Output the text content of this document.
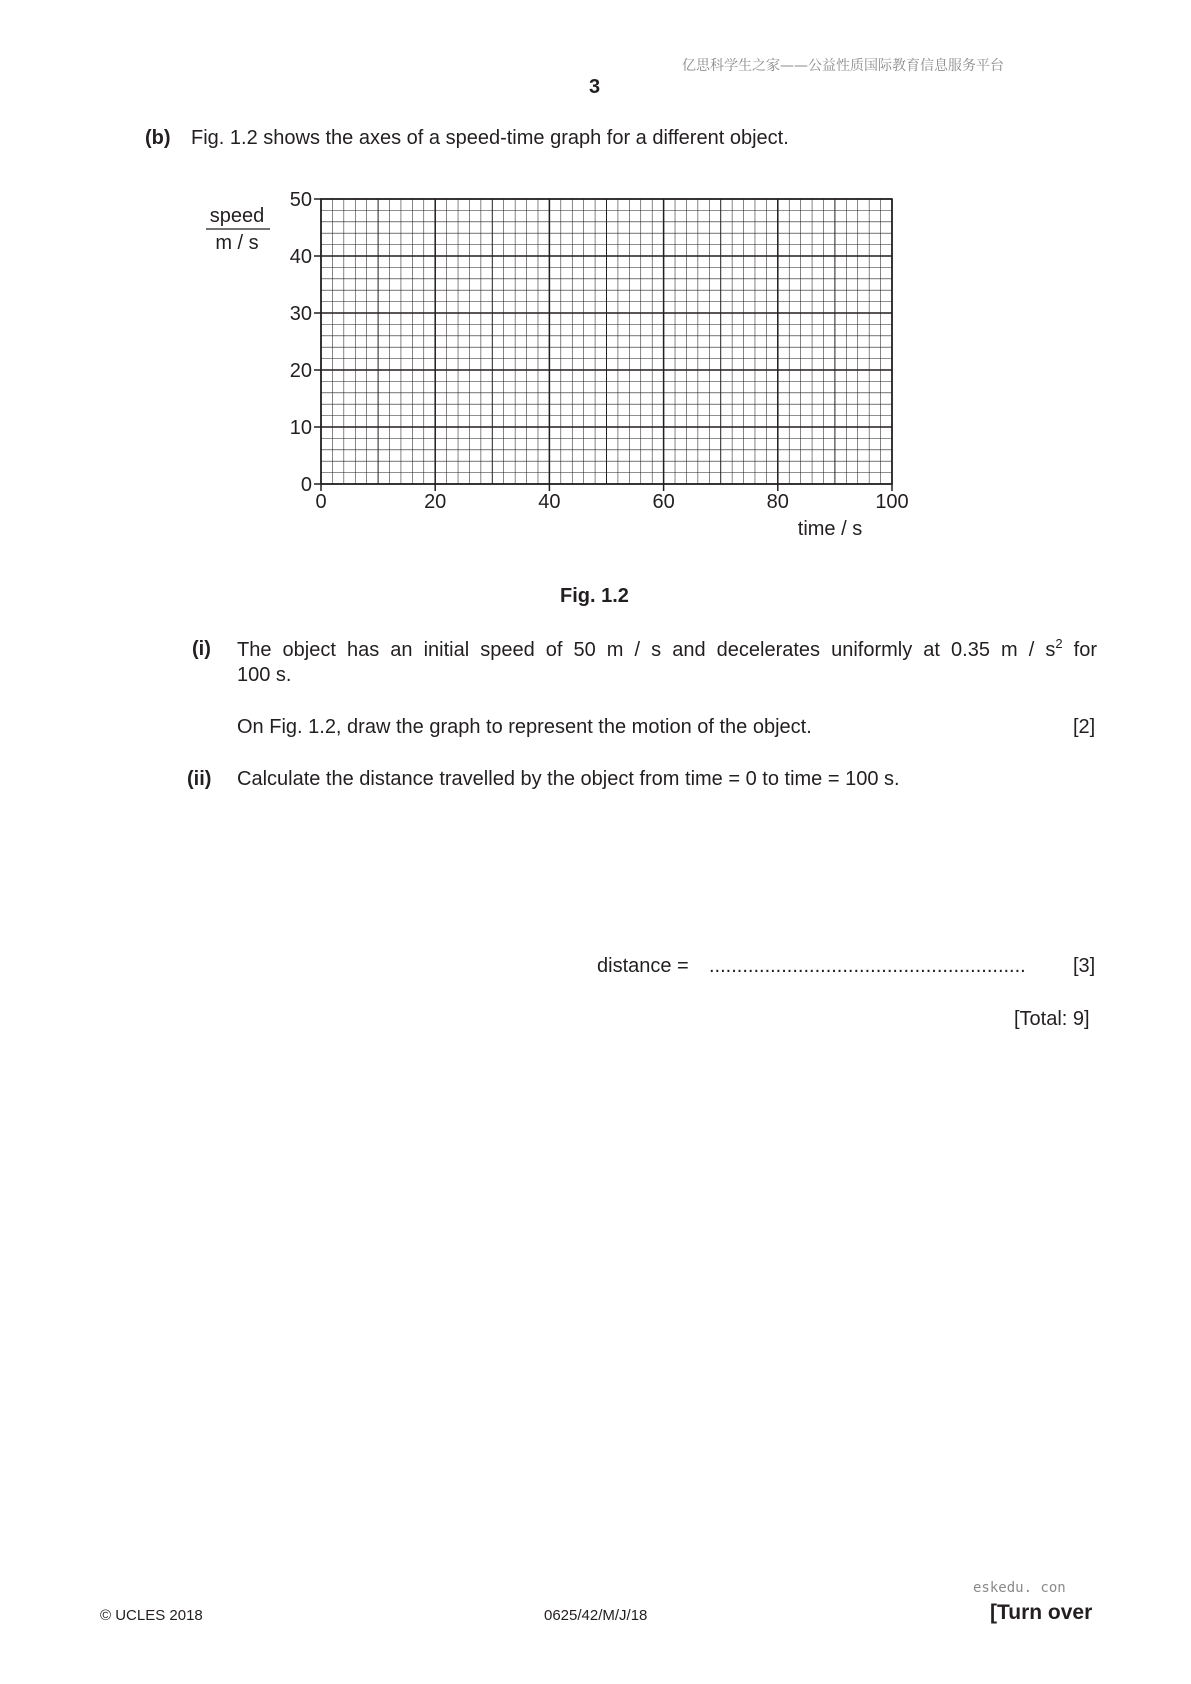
亿思科学生之家——公益性质国际教育信息服务平台
3
(b) Fig. 1.2 shows the axes of a speed-time graph for a different object.
0	20	40	60	80	100
0
10
20
30
40
50
speed
m / s
time / s
Fig. 1.2
(i) The object has an initial speed of 50 m / s and decelerates uniformly at 0.35 m / $s^2$ for
100 s.
On Fig. 1.2, draw the graph to represent the motion of the object.	[2]
(ii) Calculate the distance travelled by the object from time = 0 to time = 100 s.
distance = .........................................................	[3]
[Total: 9]
eskedu. con
© UCLES 2018	0625/42/M/J/18	[Turn over
